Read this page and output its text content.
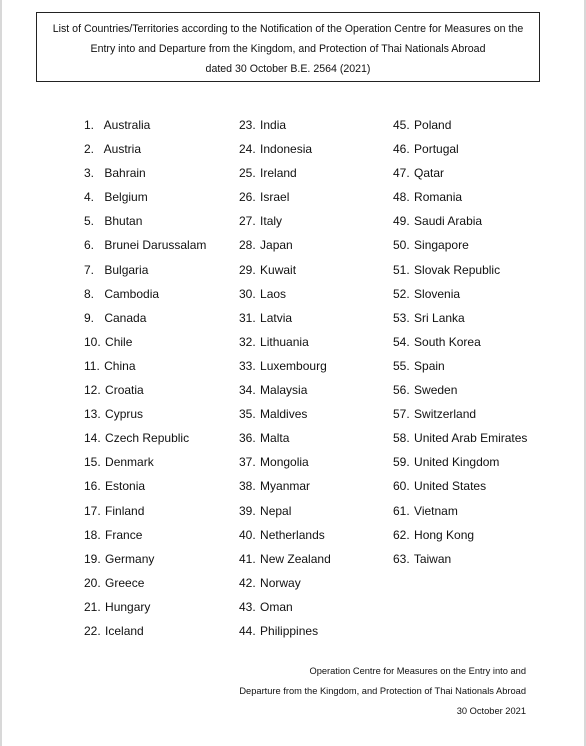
List of Countries/Territories according to the Notification of the Operation Centre for Measures on the
Entry into and Departure from the Kingdom, and Protection of Thai Nationals Abroad
dated 30 October B.E. 2564 (2021)
1. Australia
2. Austria
3. Bahrain
4. Belgium
5. Bhutan
6. Brunei Darussalam
7. Bulgaria
8. Cambodia
9. Canada
10. Chile
11. China
12. Croatia
13. Cyprus
14. Czech Republic
15. Denmark
16. Estonia
17. Finland
18. France
19. Germany
20. Greece
21. Hungary
22. Iceland
23. India
24. Indonesia
25. Ireland
26. Israel
27. Italy
28. Japan
29. Kuwait
30. Laos
31. Latvia
32. Lithuania
33. Luxembourg
34. Malaysia
35. Maldives
36. Malta
37. Mongolia
38. Myanmar
39. Nepal
40. Netherlands
41. New Zealand
42. Norway
43. Oman
44. Philippines
45. Poland
46. Portugal
47. Qatar
48. Romania
49. Saudi Arabia
50. Singapore
51. Slovak Republic
52. Slovenia
53. Sri Lanka
54. South Korea
55. Spain
56. Sweden
57. Switzerland
58. United Arab Emirates
59. United Kingdom
60. United States
61. Vietnam
62. Hong Kong
63. Taiwan
Operation Centre for Measures on the Entry into and
Departure from the Kingdom, and Protection of Thai Nationals Abroad
30 October 2021
